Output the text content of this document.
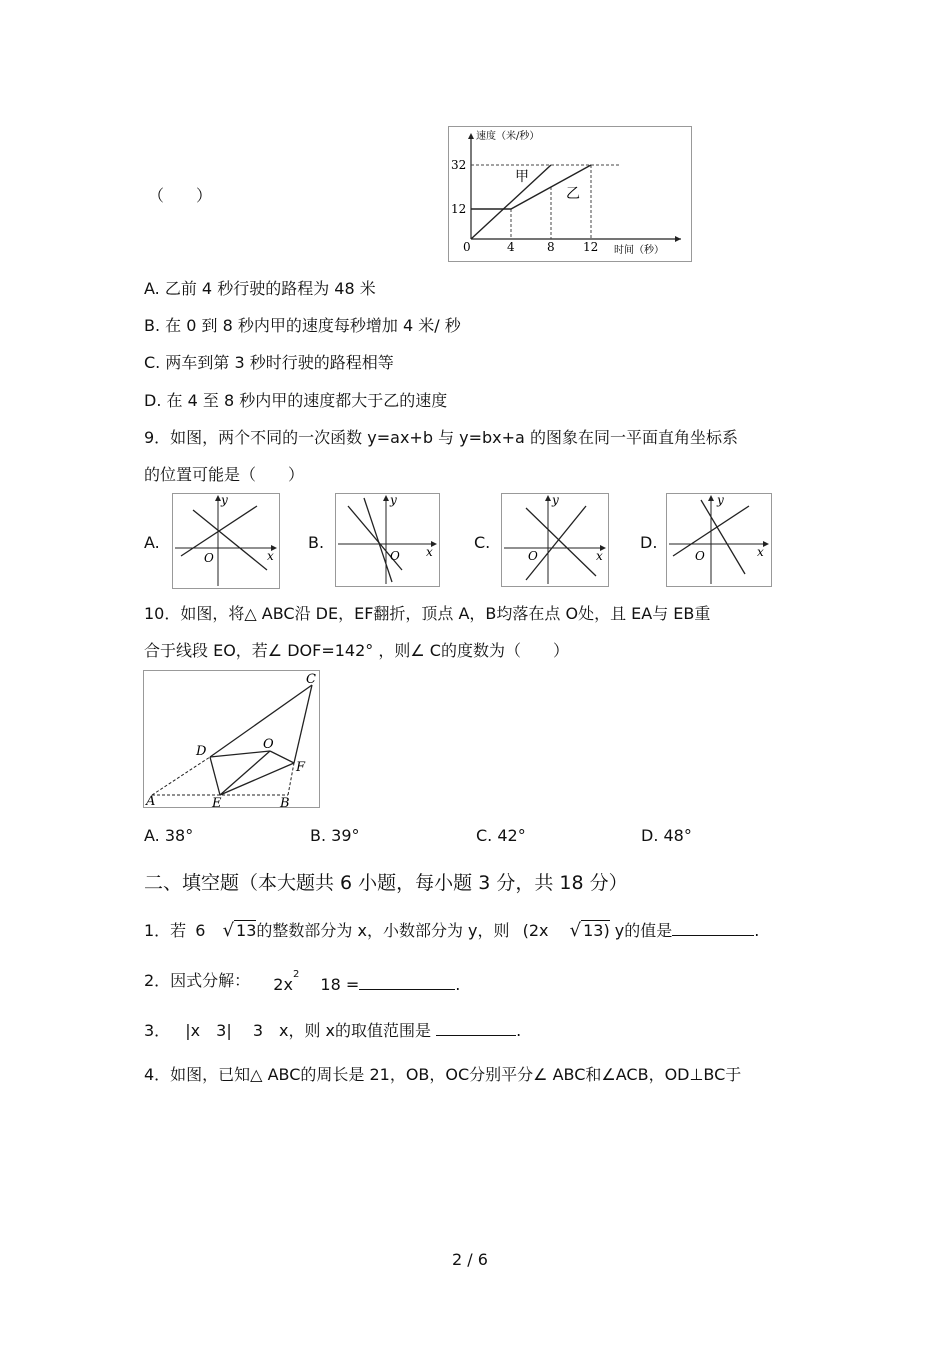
（　　）
速度（米/秒）
时间（秒）
32
12
0	4	8 12
甲
乙
A. 乙前 4 秒行驶的路程为 48 米
B. 在 0 到 8 秒内甲的速度每秒增加 4 米/ 秒
C. 两车到第 3 秒时行驶的路程相等
D. 在 4 至 8 秒内甲的速度都大于乙的速度
9．如图，两个不同的一次函数 y=ax+b 与 y=bx+a 的图象在同一平面直角坐标系
的位置可能是（　　）
A.
y
x
O
B.
y
x
O
C.
y
x
O
D.
y
x
O
10．如图，将△ ABC沿 DE，EF翻折，顶点 A，B均落在点 O处，且 EA与 EB重
合于线段 EO，若∠ DOF=142° ，则∠ C的度数为（　　）
C
D	O
F
A	E	B
A. 38°	B. 39°	C. 42°	D. 48°
二、填空题（本大题共 6 小题，每小题 3 分，共 18 分）
1．若 6 √ 13的整数部分为 x，小数部分为 y，则 (2x √ 13) y的值是	.
2．因式分解： $2x^2$ 18 =	.
3． |x　3| 3　x，则 x的取值范围是	.
4．如图，已知△ ABC的周长是 21，OB，OC分别平分∠ ABC和∠ACB，OD⊥BC于
2 / 6
